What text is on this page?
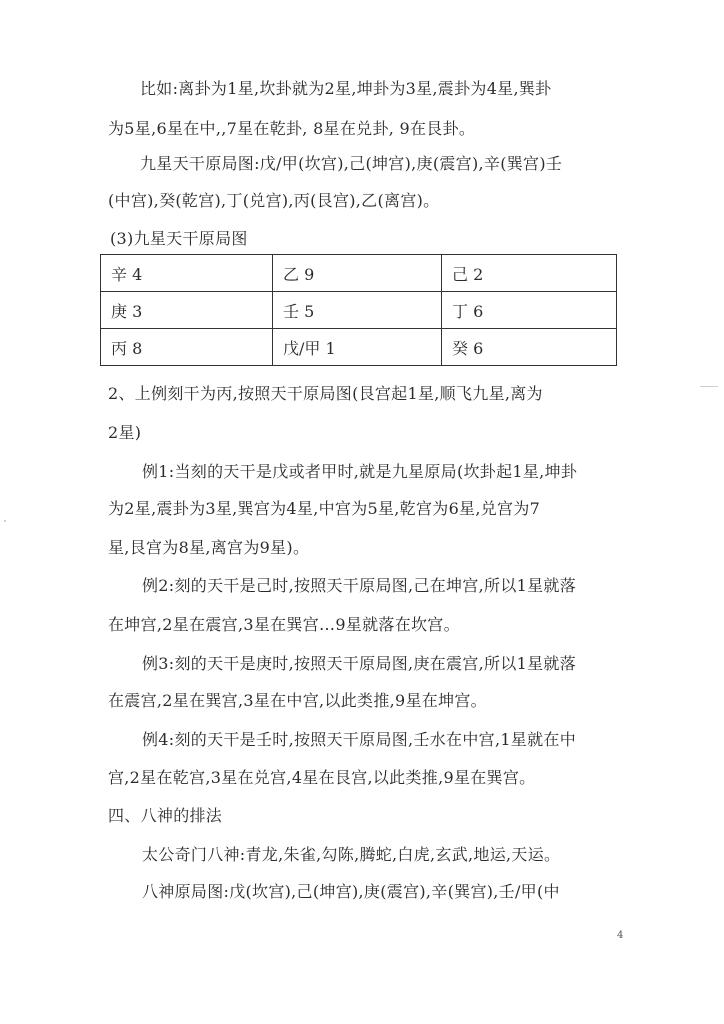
比如:离卦为1星,坎卦就为2星,坤卦为3星,震卦为4星,巽卦
为5星,6星在中,,7星在乾卦, 8星在兑卦, 9在艮卦。
九星天干原局图:戊/甲(坎宫),己(坤宫),庚(震宫),辛(巽宫)壬
(中宫),癸(乾宫),丁(兑宫),丙(艮宫),乙(离宫)。
(3)九星天干原局图
辛 4	乙 9	己 2
庚 3	壬 5	丁 6
丙 8	戊/甲 1	癸 6
2、上例刻干为丙,按照天干原局图(艮宫起1星,顺飞九星,离为
2星)
例1:当刻的天干是戊或者甲时,就是九星原局(坎卦起1星,坤卦
为2星,震卦为3星,巽宫为4星,中宫为5星,乾宫为6星,兑宫为7
星,艮宫为8星,离宫为9星)。
例2:刻的天干是己时,按照天干原局图,己在坤宫,所以1星就落
在坤宫,2星在震宫,3星在巽宫…9星就落在坎宫。
例3:刻的天干是庚时,按照天干原局图,庚在震宫,所以1星就落
在震宫,2星在巽宫,3星在中宫,以此类推,9星在坤宫。
例4:刻的天干是壬时,按照天干原局图,壬水在中宫,1星就在中
宫,2星在乾宫,3星在兑宫,4星在艮宫,以此类推,9星在巽宫。
四、八神的排法
太公奇门八神:青龙,朱雀,勾陈,腾蛇,白虎,玄武,地运,天运。
八神原局图:戊(坎宫),己(坤宫),庚(震宫),辛(巽宫),壬/甲(中
4
